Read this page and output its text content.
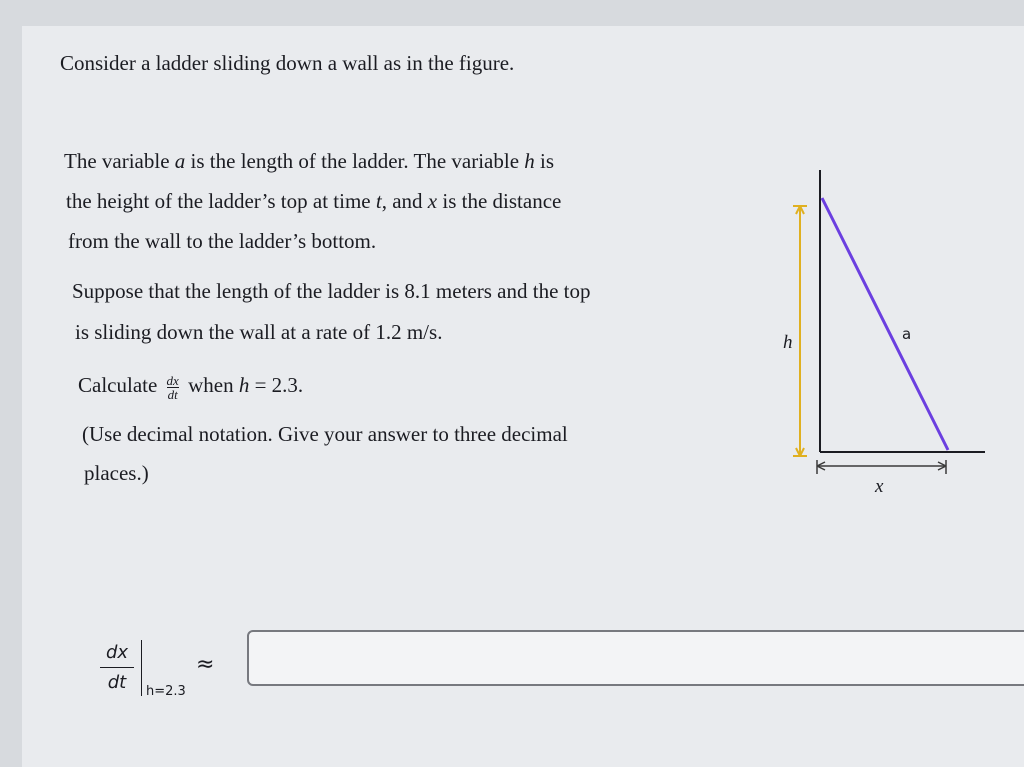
Consider a ladder sliding down a wall as in the figure.
The variable a is the length of the ladder. The variable h is
the height of the ladder’s top at time t, and x is the distance
from the wall to the ladder’s bottom.
Suppose that the length of the ladder is 8.1 meters and the top
is sliding down the wall at a rate of 1.2 m/s.
Calculate $\frac{dx}{dt}$ when h = 2.3.
(Use decimal notation. Give your answer to three decimal
places.)
h	a
x
$\frac{dx}{dt} h=2.3$
≈
